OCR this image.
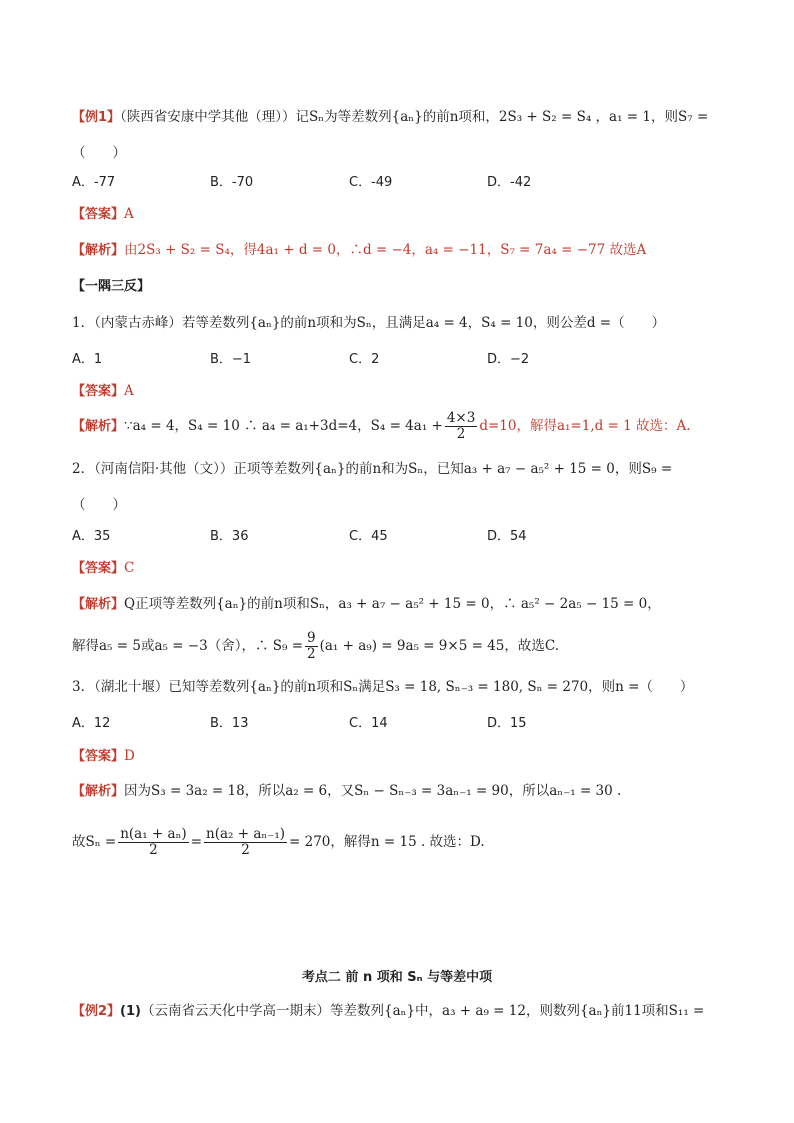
【例1】（陕西省安康中学其他（理））记Sₙ为等差数列{aₙ}的前n项和，2S₃ + S₂ = S₄ ，a₁ = 1，则S₇ =
（　　）
A．-77	B．-70	C．-49	D．-42
【答案】A
【解析】由2S₃ + S₂ = S₄，得4a₁ + d = 0，∴d = −4，a₄ = −11，S₇ = 7a₄ = −77 故选A
【一隅三反】
1．（内蒙古赤峰）若等差数列{aₙ}的前n项和为Sₙ，且满足a₄ = 4，S₄ = 10，则公差d =（　　）
A．1	B．−1	C．2	D．−2
【答案】A
【解析】∵a₄ = 4，S₄ = 10 ∴ a₄ = a₁+3d=4，$S_4 = 4a_1 + \frac{4\times 3}{2} d=10$，解得a₁=1,d = 1 故选：A.
2．（河南信阳·其他（文））正项等差数列{aₙ}的前n和为Sₙ，已知a₃ + a₇ − a₅² + 15 = 0，则S₉ =
（　　）
A．35	B．36	C．45	D．54
【答案】C
【解析】Q正项等差数列{aₙ}的前n项和Sₙ，a₃ + a₇ − a₅² + 15 = 0，∴ a₅² − 2a₅ − 15 = 0，
解得a₅ = 5或a₅ = −3（舍），∴ $S_9 = \frac{9}{2} (a_1 + a_9) = 9a_5 = 9\times 5 = 45$，故选C.
3．（湖北十堰）已知等差数列{aₙ}的前n项和Sₙ满足S₃ = 18, Sₙ₋₃ = 180, Sₙ = 270，则n =（　　）
A．12	B．13	C．14	D．15
【答案】D
【解析】因为S₃ = 3a₂ = 18，所以a₂ = 6，又Sₙ − Sₙ₋₃ = 3aₙ₋₁ = 90，所以aₙ₋₁ = 30 .
故$S_n = \frac{\text{n(a₁ + aₙ)}}{2} = \frac{\text{n(a₂ + aₙ₋₁)}}{2} = 270$，解得n = 15 . 故选：D.
考点二 前 n 项和 Sₙ 与等差中项
【例2】(1)（云南省云天化中学高一期末）等差数列{aₙ}中，a₃ + a₉ = 12，则数列{aₙ}前11项和S₁₁ =
